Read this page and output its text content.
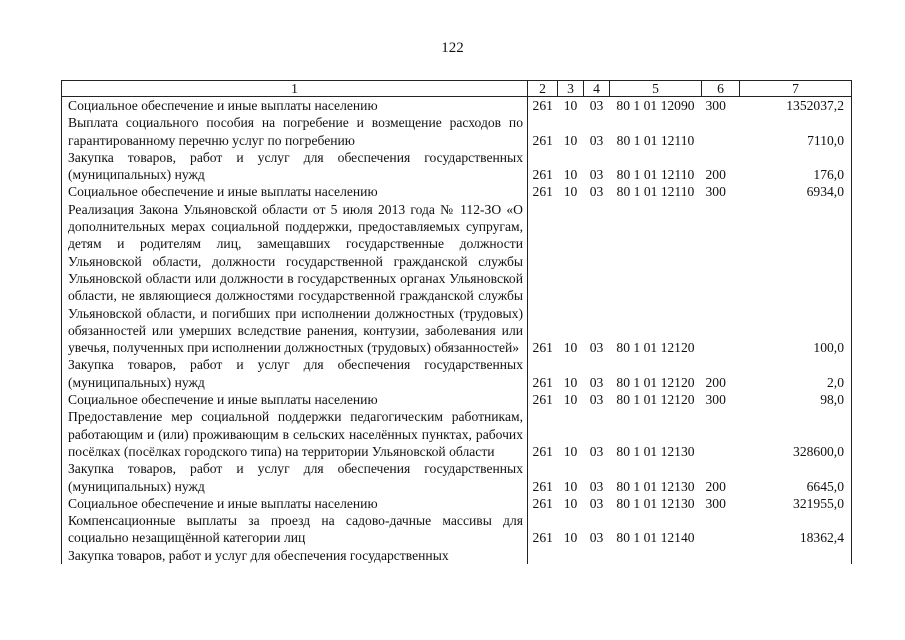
122
1	2	3	4	5	6	7
Социальное обеспечение и иные выплаты населению	261	10	03	80 1 01 12090	300	1352037,2
Выплата социального пособия на погребение и возмещение расходов по гарантированному перечню услуг по погребению	261	10	03	80 1 01 12110		7110,0
Закупка товаров, работ и услуг для обеспечения государственных (муниципальных) нужд	261	10	03	80 1 01 12110	200	176,0
Социальное обеспечение и иные выплаты населению	261	10	03	80 1 01 12110	300	6934,0
Реализация Закона Ульяновской области от 5 июля 2013 года № 112-ЗО «О дополнительных мерах социальной поддержки, предоставляемых супругам, детям и родителям лиц, замещавших государственные должности Ульяновской области, должности государственной гражданской службы Ульяновской области или должности в государственных органах Ульяновской области, не являющиеся должностями государственной гражданской службы Ульяновской области, и погибших при исполнении должностных (трудовых) обязанностей или умерших вследствие ранения, контузии, заболевания или увечья, полученных при исполнении должностных (трудовых) обязанностей»	261	10	03	80 1 01 12120		100,0
Закупка товаров, работ и услуг для обеспечения государственных (муниципальных) нужд	261	10	03	80 1 01 12120	200	2,0
Социальное обеспечение и иные выплаты населению	261	10	03	80 1 01 12120	300	98,0
Предоставление мер социальной поддержки педагогическим работникам, работающим и (или) проживающим в сельских населённых пунктах, рабочих посёлках (посёлках городского типа) на территории Ульяновской области	261	10	03	80 1 01 12130		328600,0
Закупка товаров, работ и услуг для обеспечения государственных (муниципальных) нужд	261	10	03	80 1 01 12130	200	6645,0
Социальное обеспечение и иные выплаты населению	261	10	03	80 1 01 12130	300	321955,0
Компенсационные выплаты за проезд на садово-дачные массивы для социально незащищённой категории лиц	261	10	03	80 1 01 12140		18362,4
Закупка товаров, работ и услуг для обеспечения государственных						
